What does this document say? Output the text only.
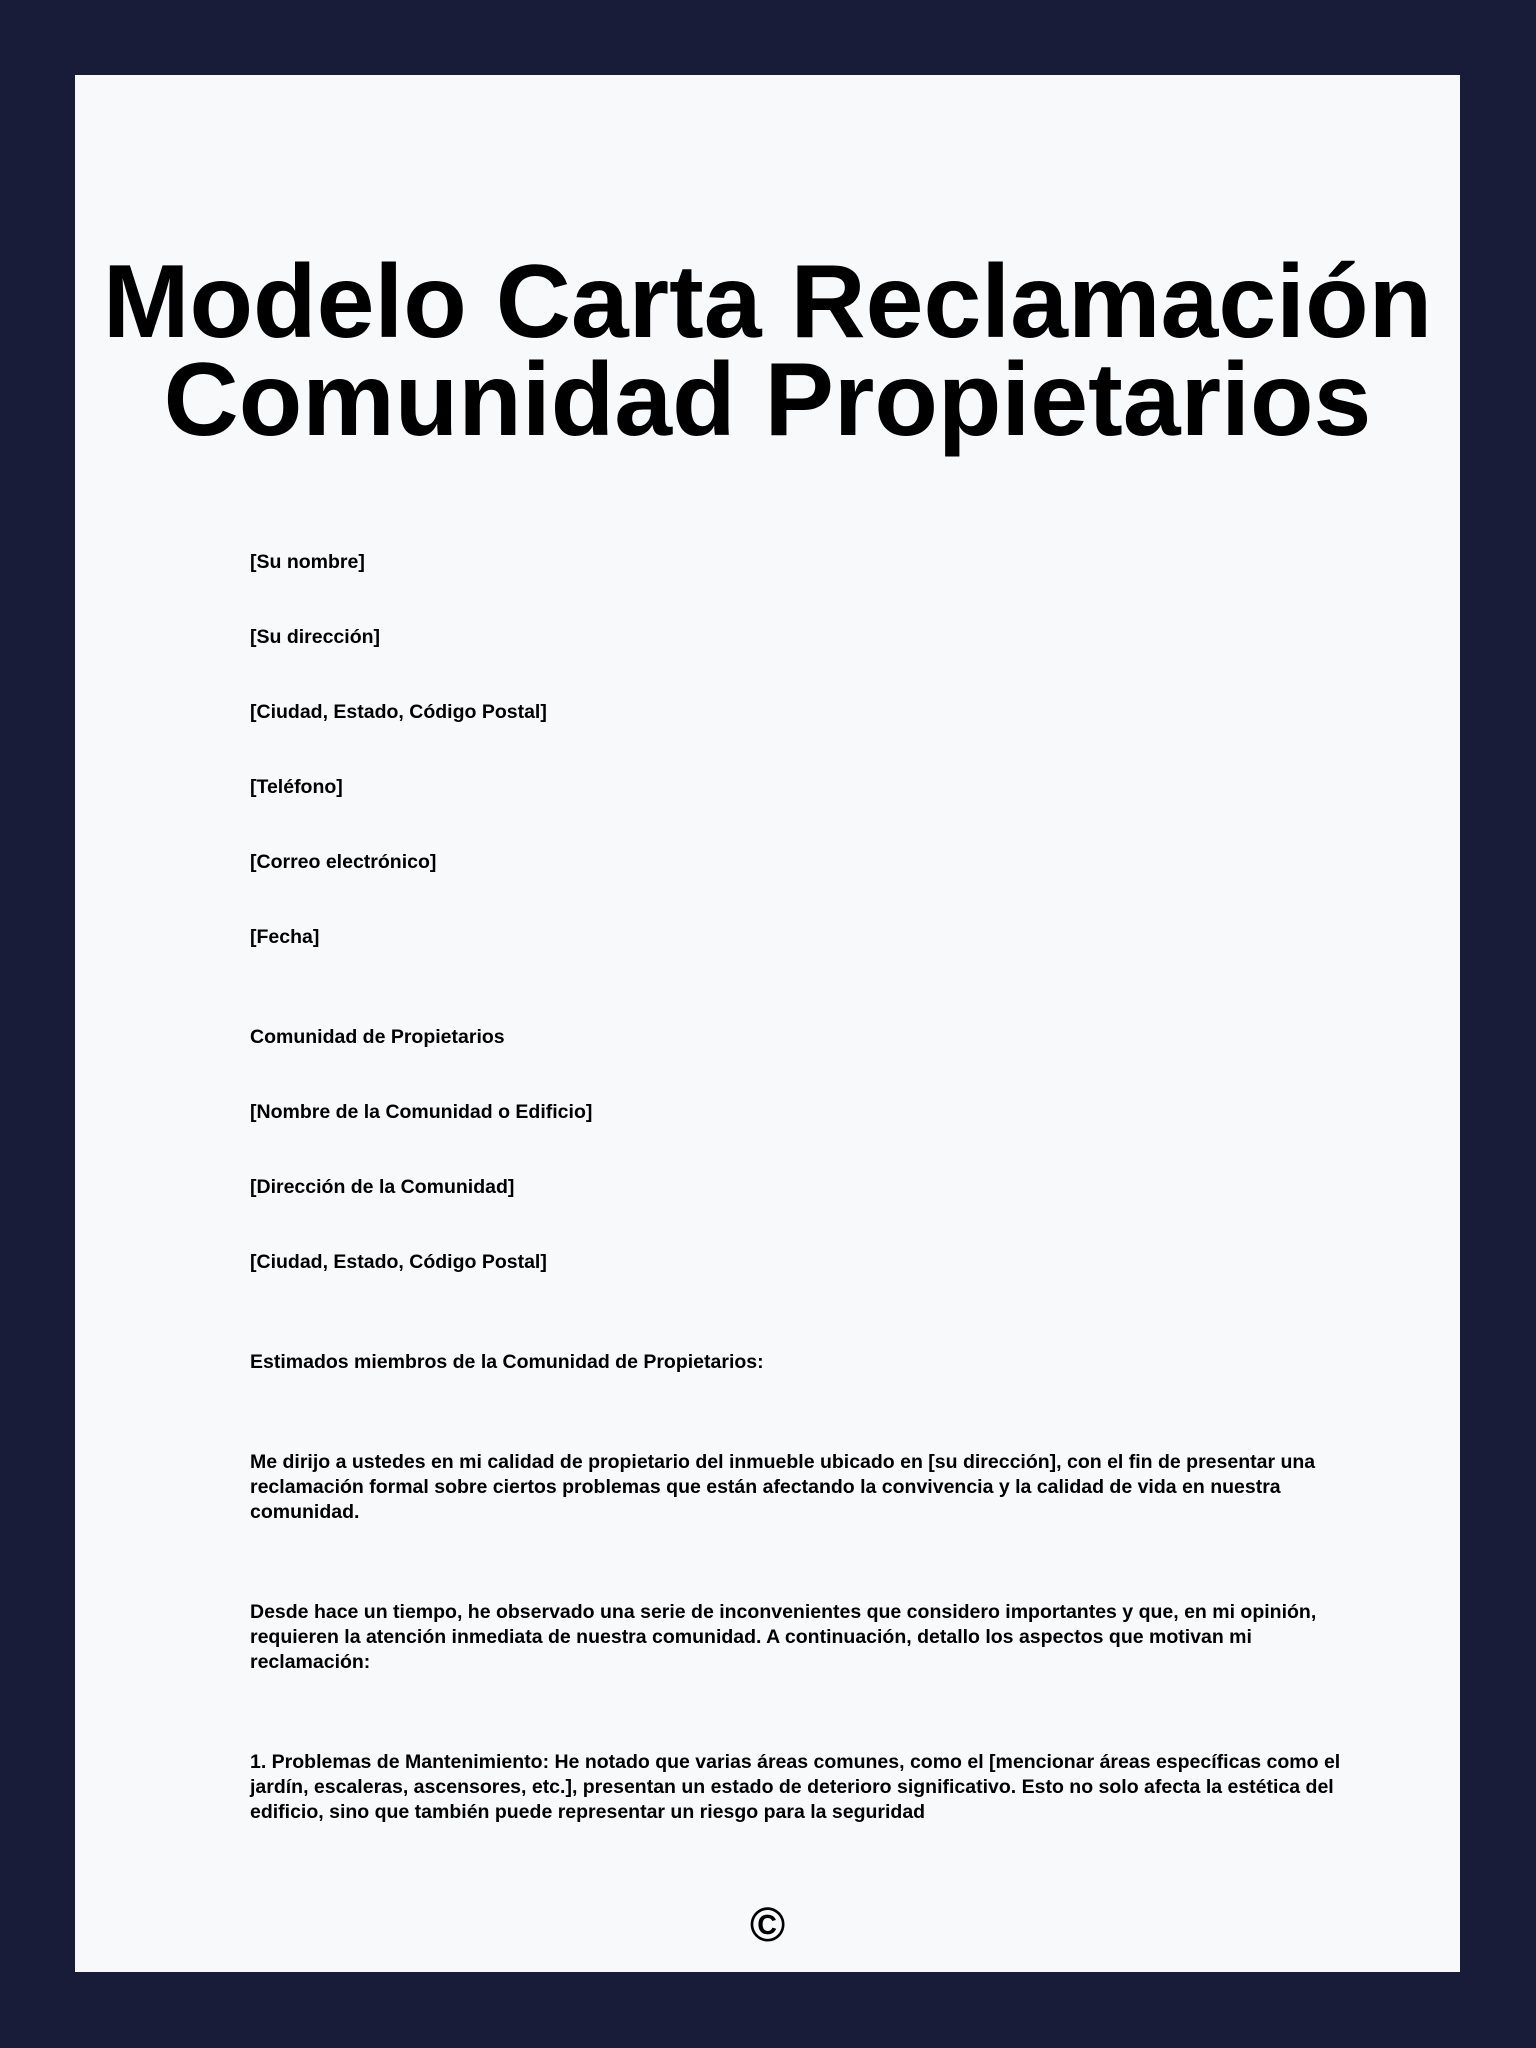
Modelo Carta Reclamación
Comunidad Propietarios
[Su nombre]
[Su dirección]
[Ciudad, Estado, Código Postal]
[Teléfono]
[Correo electrónico]
[Fecha]
Comunidad de Propietarios
[Nombre de la Comunidad o Edificio]
[Dirección de la Comunidad]
[Ciudad, Estado, Código Postal]
Estimados miembros de la Comunidad de Propietarios:

Me dirijo a ustedes en mi calidad de propietario del inmueble ubicado en [su dirección], con el fin de presentar una reclamación formal sobre ciertos problemas que están afectando la convivencia y la calidad de vida en nuestra comunidad.

Desde hace un tiempo, he observado una serie de inconvenientes que considero importantes y que, en mi opinión, requieren la atención inmediata de nuestra comunidad. A continuación, detallo los aspectos que motivan mi reclamación:

1. Problemas de Mantenimiento: He notado que varias áreas comunes, como el [mencionar áreas específicas como el jardín, escaleras, ascensores, etc.], presentan un estado de deterioro significativo. Esto no solo afecta la estética del edificio, sino que también puede representar un riesgo para la seguridad

©
